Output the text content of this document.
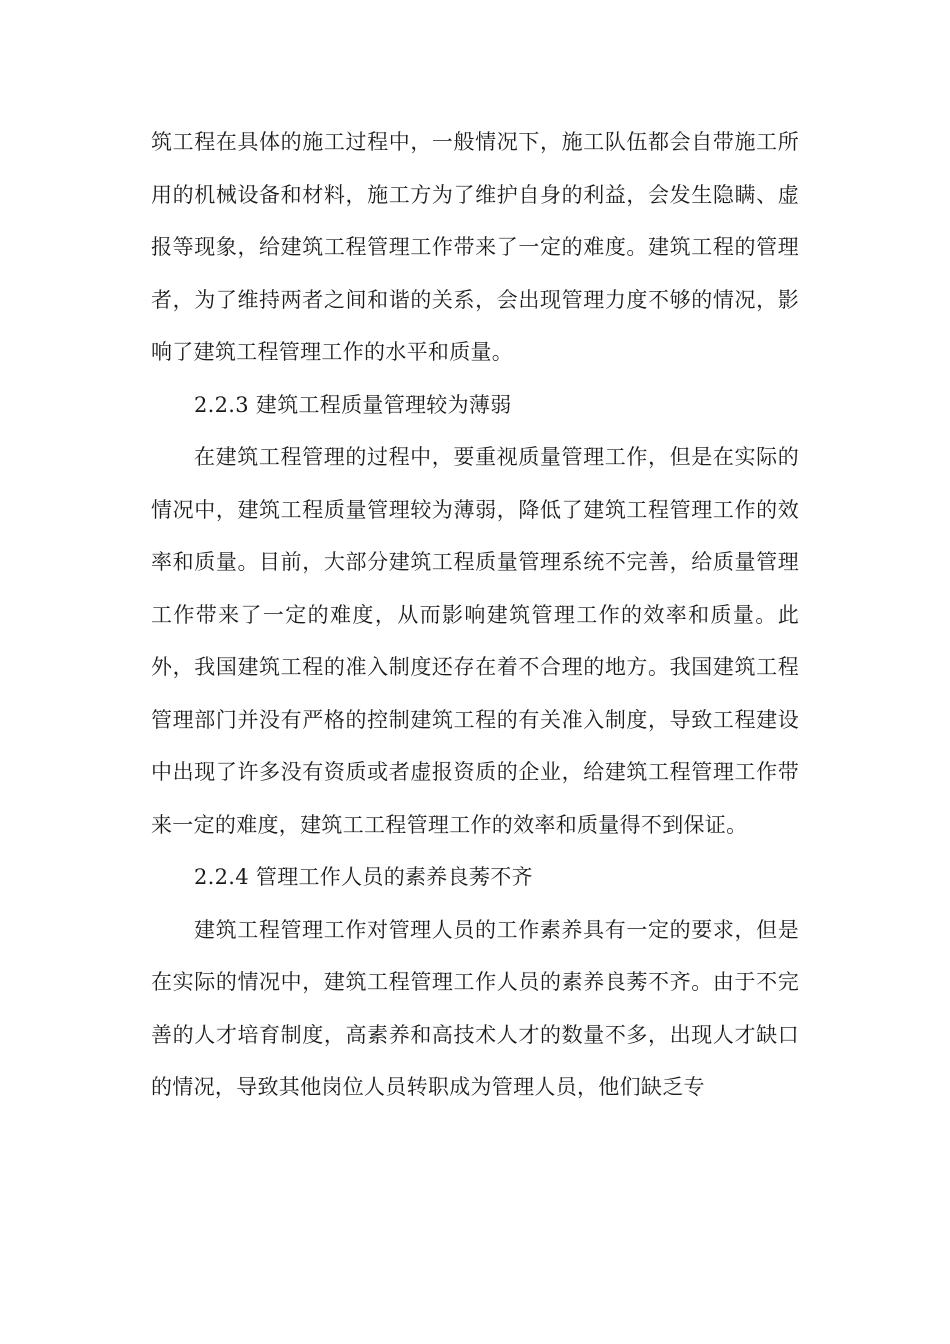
筑工程在具体的施工过程中，一般情况下，施工队伍都会自带施工所用的机械设备和材料，施工方为了维护自身的利益，会发生隐瞒、虚报等现象，给建筑工程管理工作带来了一定的难度。建筑工程的管理者，为了维持两者之间和谐的关系，会出现管理力度不够的情况，影响了建筑工程管理工作的水平和质量。

2.2.3 建筑工程质量管理较为薄弱

在建筑工程管理的过程中，要重视质量管理工作，但是在实际的情况中，建筑工程质量管理较为薄弱，降低了建筑工程管理工作的效率和质量。目前，大部分建筑工程质量管理系统不完善，给质量管理工作带来了一定的难度，从而影响建筑管理工作的效率和质量。此外，我国建筑工程的准入制度还存在着不合理的地方。我国建筑工程管理部门并没有严格的控制建筑工程的有关准入制度，导致工程建设中出现了许多没有资质或者虚报资质的企业，给建筑工程管理工作带来一定的难度，建筑工工程管理工作的效率和质量得不到保证。

2.2.4 管理工作人员的素养良莠不齐

建筑工程管理工作对管理人员的工作素养具有一定的要求，但是在实际的情况中，建筑工程管理工作人员的素养良莠不齐。由于不完善的人才培育制度，高素养和高技术人才的数量不多，出现人才缺口的情况，导致其他岗位人员转职成为管理人员，他们缺乏专
